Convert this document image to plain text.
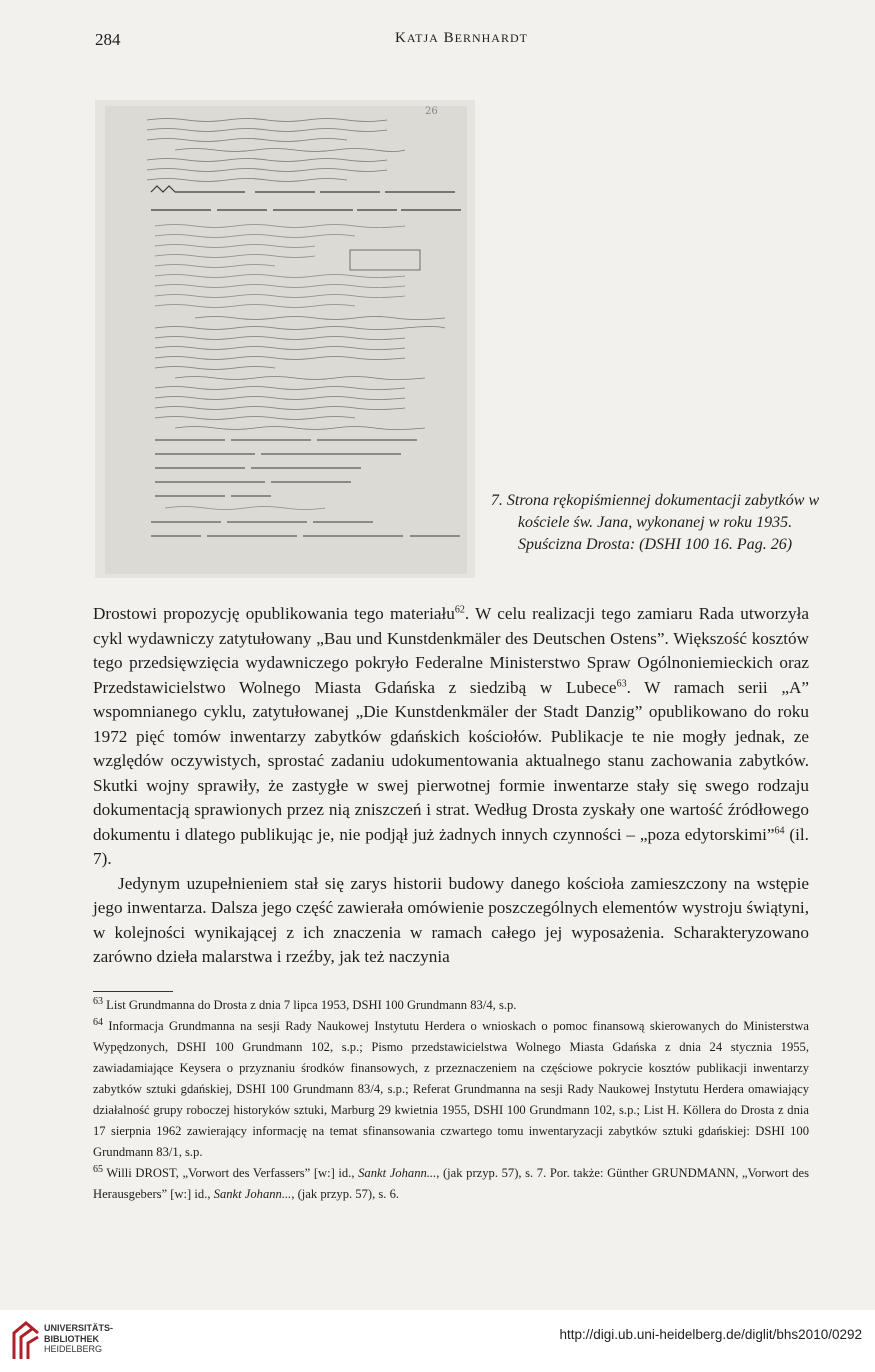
284	KATJA BERNHARDT
26
7. Strona rękopiśmiennej dokumentacji zabytków w kościele św. Jana, wykonanej w roku 1935. Spuścizna Drosta: (DSHI 100 16. Pag. 26)

Drostowi propozycję opublikowania tego materiału$^{62}$. W celu realizacji tego zamiaru Rada utworzyła cykl wydawniczy zatytułowany „Bau und Kunstdenkmäler des Deutschen Ostens”. Większość kosztów tego przedsięwzięcia wydawniczego pokryło Federalne Ministerstwo Spraw Ogólnoniemieckich oraz Przedstawicielstwo Wolnego Miasta Gdańska z siedzibą w Lubece$^{63}$. W ramach serii „A” wspomnianego cyklu, zatytułowanej „Die Kunstdenkmäler der Stadt Danzig” opublikowano do roku 1972 pięć tomów inwentarzy zabytków gdańskich kościołów. Publikacje te nie mogły jednak, ze względów oczywistych, sprostać zadaniu udokumentowania aktualnego stanu zachowania zabytków. Skutki wojny sprawiły, że zastygłe w swej pierwotnej formie inwentarze stały się swego rodzaju dokumentacją sprawionych przez nią zniszczeń i strat. Według Drosta zyskały one wartość źródłowego dokumentu i dlatego publikując je, nie podjął już żadnych innych czynności – „poza edytorskimi”$^{64}$ (il. 7).

Jedynym uzupełnieniem stał się zarys historii budowy danego kościoła zamieszczony na wstępie jego inwentarza. Dalsza jego część zawierała omówienie poszczególnych elementów wystroju świątyni, w kolejności wynikającej z ich znaczenia w ramach całego jej wyposażenia. Scharakteryzowano zarówno dzieła malarstwa i rzeźby, jak też naczynia

$^{63}$ List Grundmanna do Drosta z dnia 7 lipca 1953, DSHI 100 Grundmann 83/4, s.p.

$^{64}$ Informacja Grundmanna na sesji Rady Naukowej Instytutu Herdera o wnioskach o pomoc finansową skierowanych do Ministerstwa Wypędzonych, DSHI 100 Grundmann 102, s.p.; Pismo przedstawicielstwa Wolnego Miasta Gdańska z dnia 24 stycznia 1955, zawiadamiające Keysera o przyznaniu środków finansowych, z przeznaczeniem na częściowe pokrycie kosztów publikacji inwentarzy zabytków sztuki gdańskiej, DSHI 100 Grundmann 83/4, s.p.; Referat Grundmanna na sesji Rady Naukowej Instytutu Herdera omawiający działalność grupy roboczej historyków sztuki, Marburg 29 kwietnia 1955, DSHI 100 Grundmann 102, s.p.; List H. Köllera do Drosta z dnia 17 sierpnia 1962 zawierający informację na temat sfinansowania czwartego tomu inwentaryzacji zabytków sztuki gdańskiej: DSHI 100 Grundmann 83/1, s.p.

$^{65}$ Willi DROST, „Vorwort des Verfassers” [w:] id., Sankt Johann..., (jak przyp. 57), s. 7. Por. także: Günther GRUNDMANN, „Vorwort des Herausgebers” [w:] id., Sankt Johann..., (jak przyp. 57), s. 6.

UNIVERSITÄTS-
BIBLIOTHEK
HEIDELBERG
http://digi.ub.uni-heidelberg.de/diglit/bhs2010/0292
